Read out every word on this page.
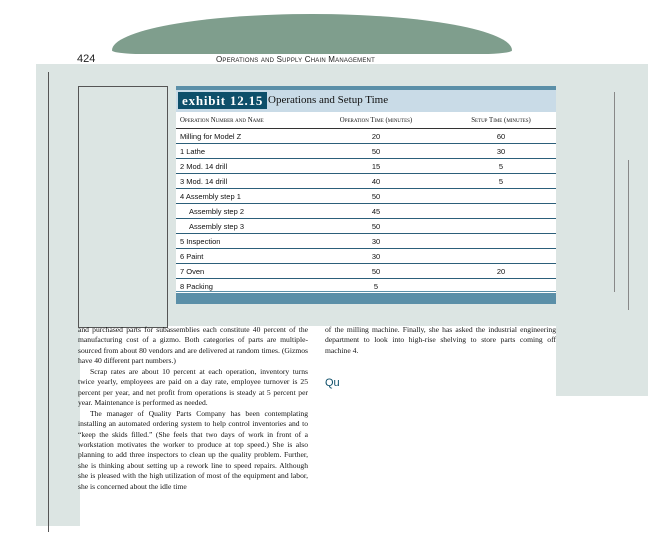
424	Operations and Supply Chain Management
exhibit 12.15 Operations and Setup Time
Operation Number and Name	Operation Time (minutes)	Setup Time (minutes)
Milling for Model Z	20	60
1 Lathe	50	30
2 Mod. 14 drill	15	5
3 Mod. 14 drill	40	5
4 Assembly step 1	50	
Assembly step 2	45	
Assembly step 3	50	
5 Inspection	30	
6 Paint	30	
7 Oven	50	20
8 Packing	5	

and purchased parts for subassemblies each constitute 40 percent of the manufacturing cost of a gizmo. Both categories of parts are multiple-sourced from about 80 vendors and are delivered at random times. (Gizmos have 40 different part numbers.)

Scrap rates are about 10 percent at each operation, inventory turns twice yearly, employees are paid on a day rate, employee turnover is 25 percent per year, and net profit from operations is steady at 5 percent per year. Maintenance is performed as needed.

The manager of Quality Parts Company has been contemplating installing an automated ordering system to help control inventories and to “keep the skids filled.” (She feels that two days of work in front of a workstation motivates the worker to produce at top speed.) She is also planning to add three inspectors to clean up the quality problem. Further, she is thinking about setting up a rework line to speed repairs. Although she is pleased with the high utilization of most of the equipment and labor, she is concerned about the idle time

of the milling machine. Finally, she has asked the industrial engineering department to look into high-rise shelving to store parts coming off machine 4.

Qu
